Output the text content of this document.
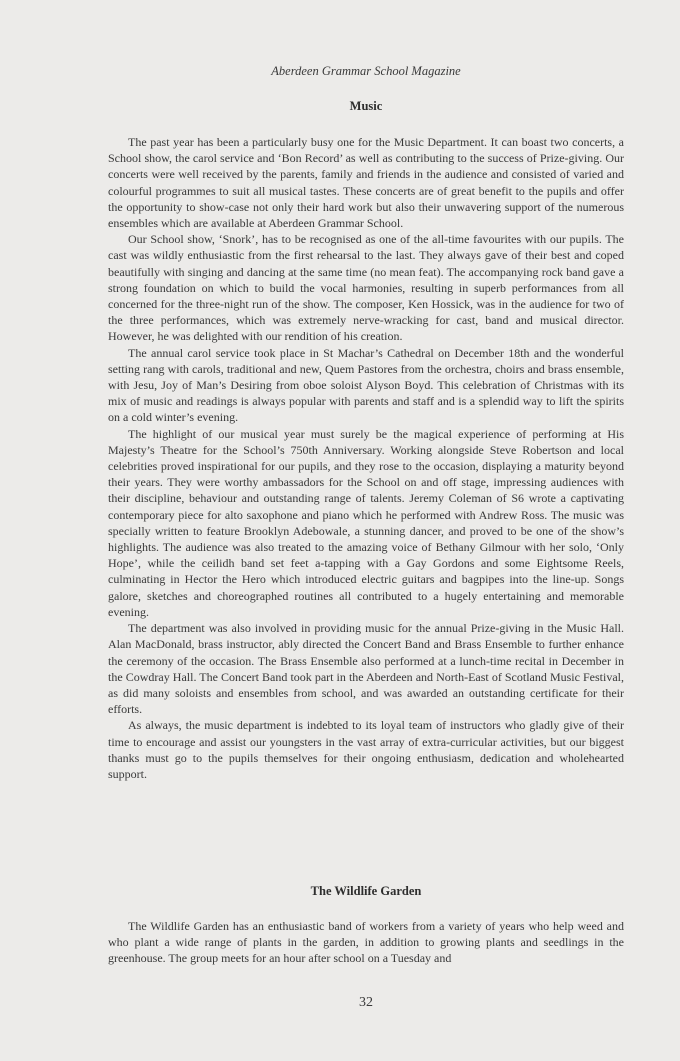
Aberdeen Grammar School Magazine
Music

The past year has been a particularly busy one for the Music Department. It can boast two concerts, a School show, the carol service and ‘Bon Record’ as well as contributing to the success of Prize-giving. Our concerts were well received by the parents, family and friends in the audience and consisted of varied and colourful programmes to suit all musical tastes. These concerts are of great benefit to the pupils and offer the opportunity to show-case not only their hard work but also their unwavering support of the numerous ensembles which are available at Aberdeen Grammar School.

Our School show, ‘Snork’, has to be recognised as one of the all-time favourites with our pupils. The cast was wildly enthusiastic from the first rehearsal to the last. They always gave of their best and coped beautifully with singing and dancing at the same time (no mean feat). The accompanying rock band gave a strong foundation on which to build the vocal harmonies, resulting in superb performances from all concerned for the three-night run of the show. The composer, Ken Hossick, was in the audience for two of the three performances, which was extremely nerve-wracking for cast, band and musical director. However, he was delighted with our rendition of his creation.

The annual carol service took place in St Machar’s Cathedral on December 18th and the wonderful setting rang with carols, traditional and new, Quem Pastores from the orchestra, choirs and brass ensemble, with Jesu, Joy of Man’s Desiring from oboe soloist Alyson Boyd. This celebration of Christmas with its mix of music and readings is always popular with parents and staff and is a splendid way to lift the spirits on a cold winter’s evening.

The highlight of our musical year must surely be the magical experience of performing at His Majesty’s Theatre for the School’s 750th Anniversary. Working alongside Steve Robertson and local celebrities proved inspirational for our pupils, and they rose to the occasion, displaying a maturity beyond their years. They were worthy ambassadors for the School on and off stage, impressing audiences with their discipline, behaviour and outstanding range of talents. Jeremy Coleman of S6 wrote a captivating contemporary piece for alto saxophone and piano which he performed with Andrew Ross. The music was specially written to feature Brooklyn Adebowale, a stunning dancer, and proved to be one of the show’s highlights. The audience was also treated to the amazing voice of Bethany Gilmour with her solo, ‘Only Hope’, while the ceilidh band set feet a-tapping with a Gay Gordons and some Eightsome Reels, culminating in Hector the Hero which introduced electric guitars and bagpipes into the line-up. Songs galore, sketches and choreographed routines all contributed to a hugely entertaining and memorable evening.

The department was also involved in providing music for the annual Prize-giving in the Music Hall. Alan MacDonald, brass instructor, ably directed the Concert Band and Brass Ensemble to further enhance the ceremony of the occasion. The Brass Ensemble also performed at a lunch-time recital in December in the Cowdray Hall. The Concert Band took part in the Aberdeen and North-East of Scotland Music Festival, as did many soloists and ensembles from school, and was awarded an outstanding certificate for their efforts.

As always, the music department is indebted to its loyal team of instructors who gladly give of their time to encourage and assist our youngsters in the vast array of extra-curricular activities, but our biggest thanks must go to the pupils themselves for their ongoing enthusiasm, dedication and wholehearted support.

The Wildlife Garden

The Wildlife Garden has an enthusiastic band of workers from a variety of years who help weed and who plant a wide range of plants in the garden, in addition to growing plants and seedlings in the greenhouse. The group meets for an hour after school on a Tuesday and

32
